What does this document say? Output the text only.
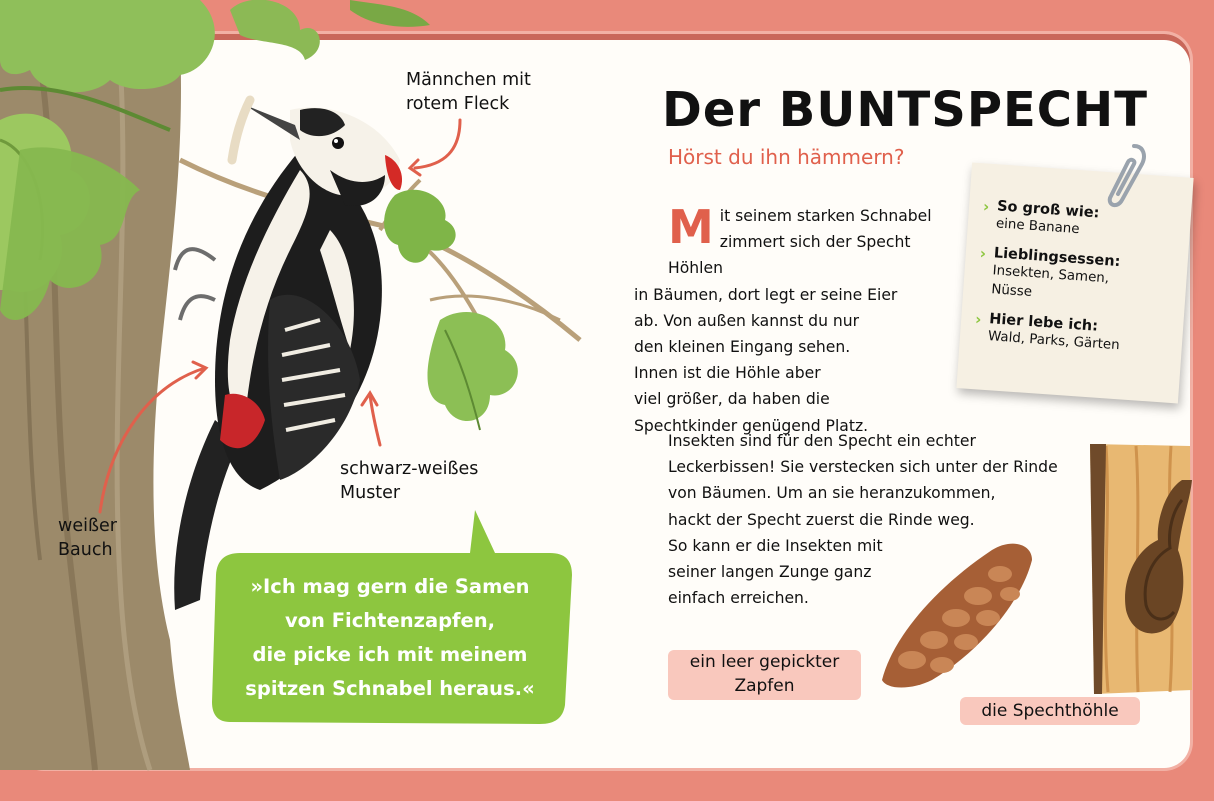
Männchen mit
rotem Fleck
schwarz-weißes
Muster
weißer
Bauch
»Ich mag gern die Samen
von Fichtenzapfen,
die picke ich mit meinem
spitzen Schnabel heraus.«
Der BUNTSPECHT
Hörst du ihn hämmern?
M it seinem starken Schnabel
zimmert sich der Specht Höhlen
in Bäumen, dort legt er seine Eier
ab. Von außen kannst du nur
den kleinen Eingang sehen.
Innen ist die Höhle aber
viel größer, da haben die
Spechtkinder genügend Platz.
Insekten sind für den Specht ein echter
Leckerbissen! Sie verstecken sich unter der Rinde
von Bäumen. Um an sie heranzukommen,
hackt der Specht zuerst die Rinde weg.
So kann er die Insekten mit
seiner langen Zunge ganz
einfach erreichen.
› So groß wie:
eine Banane
› Lieblingsessen:
Insekten, Samen,
Nüsse
› Hier lebe ich:
Wald, Parks, Gärten
ein leer gepickter
Zapfen
die Spechthöhle
